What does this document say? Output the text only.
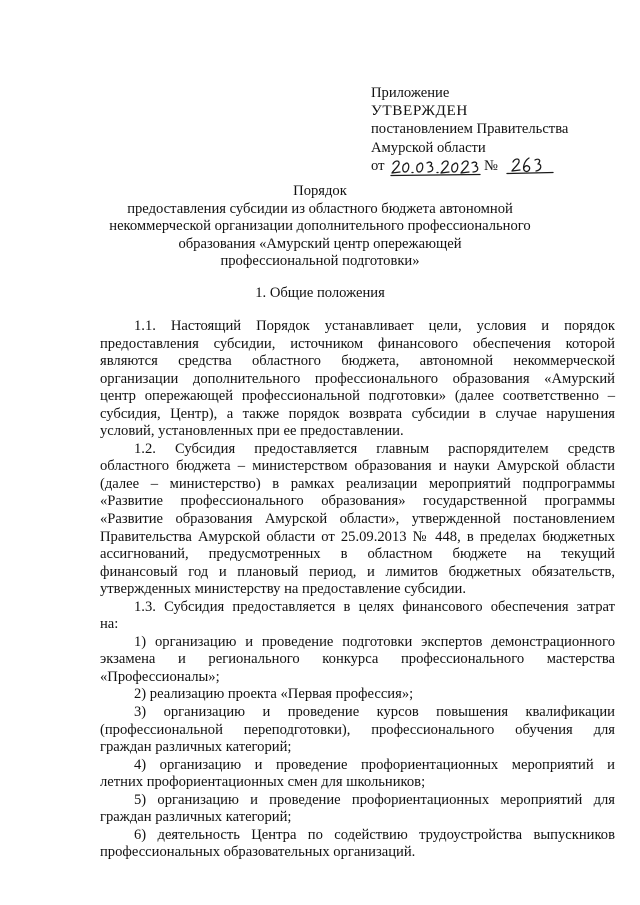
Приложение
УТВЕРЖДЕН
постановлением Правительства
Амурской области
от	№
Порядок
предоставления субсидии из областного бюджета автономной
некоммерческой организации дополнительного профессионального
образования «Амурский центр опережающей
профессиональной подготовки»
1. Общие положения
1.1. Настоящий Порядок устанавливает цели, условия и порядок
предоставления субсидии, источником финансового обеспечения которой
являются средства областного бюджета, автономной некоммерческой
организации дополнительного профессионального образования «Амурский
центр опережающей профессиональной подготовки» (далее соответственно –
субсидия, Центр), а также порядок возврата субсидии в случае нарушения
условий, установленных при ее предоставлении.
1.2. Субсидия предоставляется главным распорядителем средств
областного бюджета – министерством образования и науки Амурской области
(далее – министерство) в рамках реализации мероприятий подпрограммы
«Развитие профессионального образования» государственной программы
«Развитие образования Амурской области», утвержденной постановлением
Правительства Амурской области от 25.09.2013 № 448, в пределах бюджетных
ассигнований, предусмотренных в областном бюджете на текущий
финансовый год и плановый период, и лимитов бюджетных обязательств,
утвержденных министерству на предоставление субсидии.
1.3. Субсидия предоставляется в целях финансового обеспечения затрат
на:
1) организацию и проведение подготовки экспертов демонстрационного
экзамена и регионального конкурса профессионального мастерства
«Профессионалы»;
2) реализацию проекта «Первая профессия»;
3) организацию и проведение курсов повышения квалификации
(профессиональной переподготовки), профессионального обучения для
граждан различных категорий;
4) организацию и проведение профориентационных мероприятий и
летних профориентационных смен для школьников;
5) организацию и проведение профориентационных мероприятий для
граждан различных категорий;
6) деятельность Центра по содействию трудоустройства выпускников
профессиональных образовательных организаций.
